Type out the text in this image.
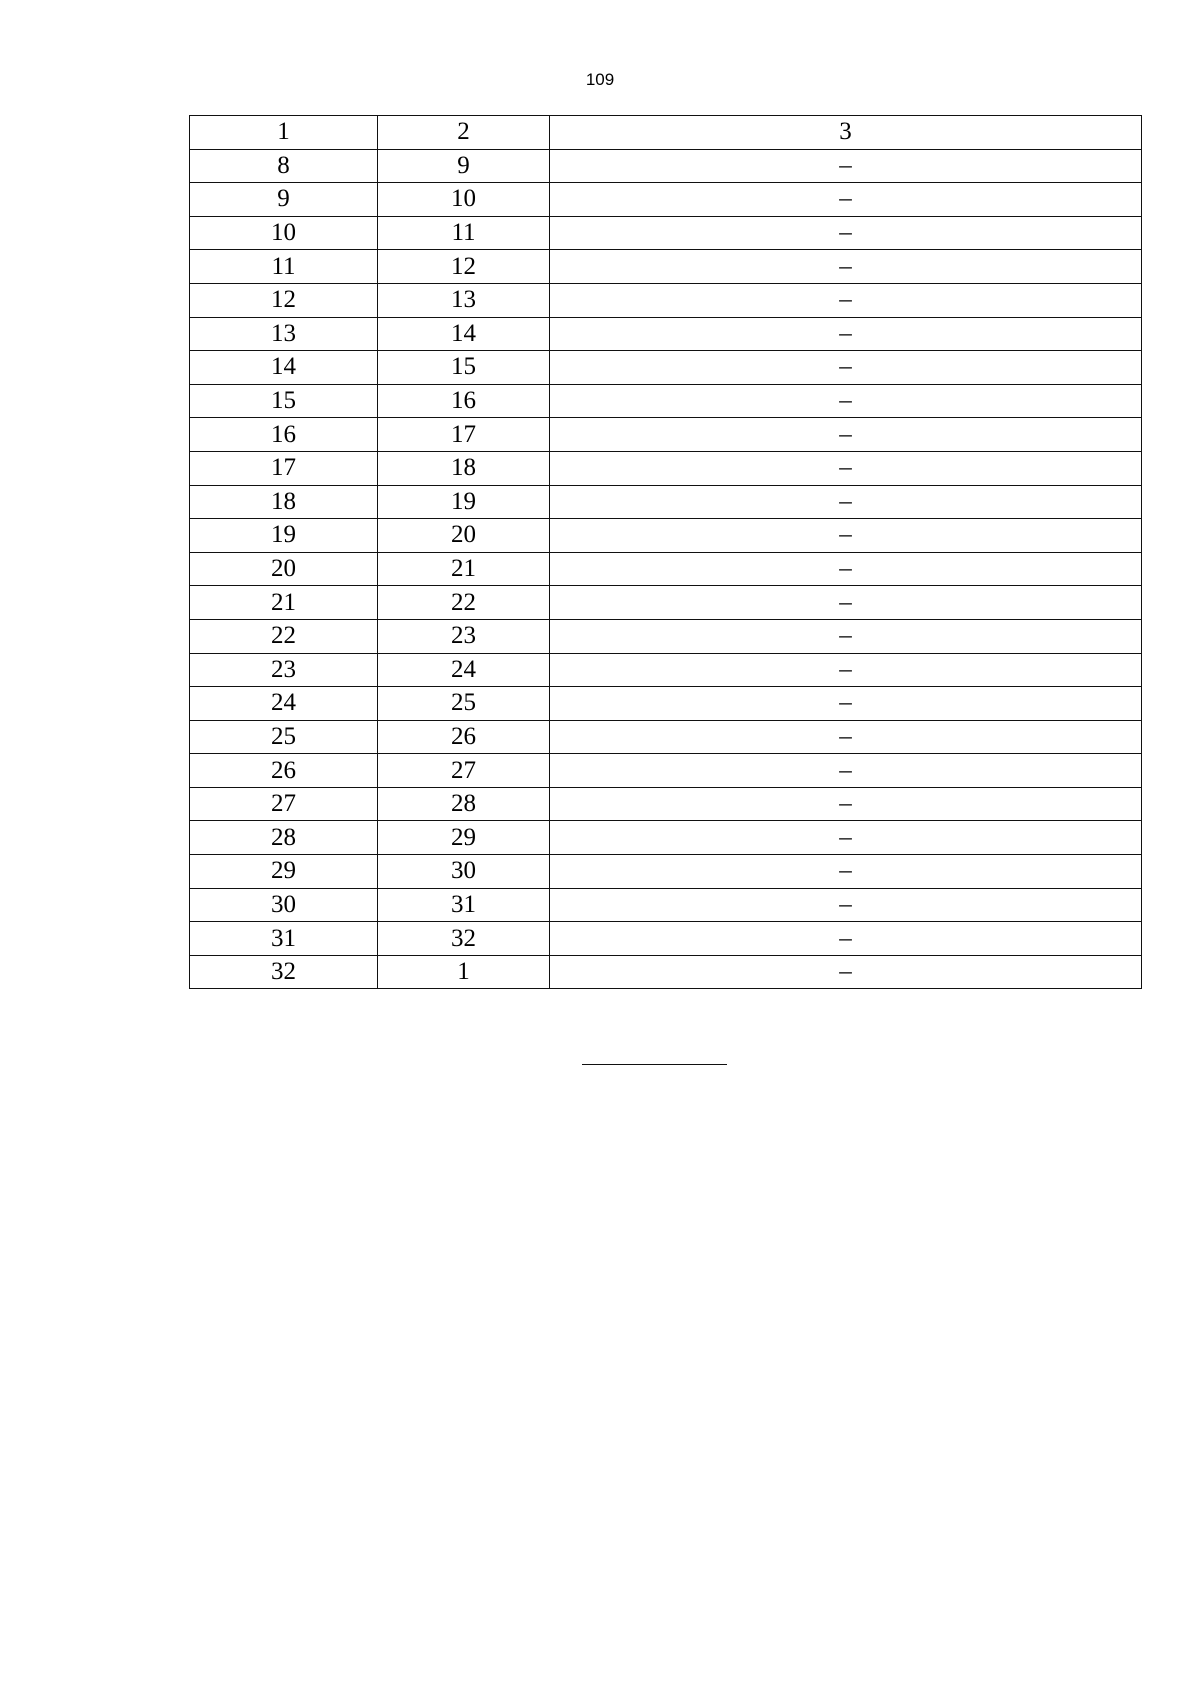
109
1	2	3
8	9	–
9	10	–
10	11	–
11	12	–
12	13	–
13	14	–
14	15	–
15	16	–
16	17	–
17	18	–
18	19	–
19	20	–
20	21	–
21	22	–
22	23	–
23	24	–
24	25	–
25	26	–
26	27	–
27	28	–
28	29	–
29	30	–
30	31	–
31	32	–
32	1	–
